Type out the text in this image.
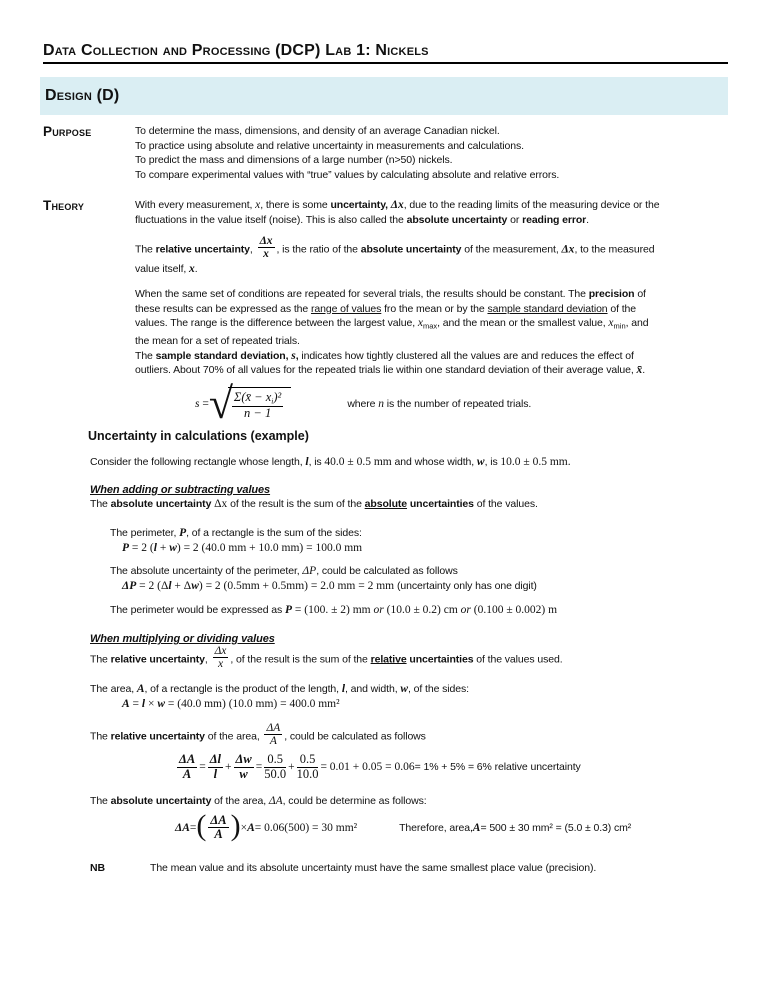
Data Collection and Processing (DCP) Lab 1: Nickels
Design (D)
Purpose	To determine the mass, dimensions, and density of an average Canadian nickel.
To practice using absolute and relative uncertainty in measurements and calculations.
To predict the mass and dimensions of a large number (n>50) nickels.
To compare experimental values with “true” values by calculating absolute and relative errors.
Theory	With every measurement, x, there is some uncertainty, Δx, due to the reading limits of the measuring device or the
fluctuations in the value itself (noise). This is also called the absolute uncertainty or reading error.
The relative uncertainty, $\frac{\Delta x}{x}$ , is the ratio of the absolute uncertainty of the measurement, Δx, to the measured
value itself, x.
When the same set of conditions are repeated for several trials, the results should be constant. The precision of
these results can be expressed as the range of values fro the mean or by the sample standard deviation of the
values. The range is the difference between the largest value, $x_{max}$, and the mean or the smallest value, $x_{min}$, and
the mean for a set of repeated trials.
The sample standard deviation, s, indicates how tightly clustered all the values are and reduces the effect of
outliers. About 70% of all values for the repeated trials lie within one standard deviation of their average value, x̄.
s = √ $\frac{\Sigma(x̄ - x_i)^2}{n - 1}$	where n is the number of repeated trials.
Uncertainty in calculations (example)
Consider the following rectangle whose length, l, is 40.0 ± 0.5 mm and whose width, w, is 10.0 ± 0.5 mm.
When adding or subtracting values
The absolute uncertainty Δx of the result is the sum of the absolute uncertainties of the values.
The perimeter, P, of a rectangle is the sum of the sides:
P = 2 (l + w) = 2 (40.0 mm + 10.0 mm) = 100.0 mm
The absolute uncertainty of the perimeter, ΔP, could be calculated as follows
ΔP = 2 (Δl + Δw) = 2 (0.5mm + 0.5mm) = 2.0 mm = 2 mm (uncertainty only has one digit)
The perimeter would be expressed as P = (100. ± 2) mm or (10.0 ± 0.2) cm or (0.100 ± 0.002) m
When multiplying or dividing values
The relative uncertainty, $\frac{\Delta x}{x}$ , of the result is the sum of the relative uncertainties of the values used.
The area, A, of a rectangle is the product of the length, l, and width, w, of the sides:
A = l × w = (40.0 mm) (10.0 mm) = 400.0 mm²
The relative uncertainty of the area, $\frac{\Delta A}{A}$ , could be calculated as follows
$\frac{\Delta A}{A} = \frac{\Delta l}{l} + \frac{\Delta w}{w} = \frac{0.5}{50.0} + \frac{0.5}{10.0} = 0.01 + 0.05 = 0.06 = 1\% + 5\% = 6\%$ relative uncertainty
The absolute uncertainty of the area, ΔA, could be determine as follows:
ΔA = ( $\frac{\Delta A}{A}$ ) × A = 0.06(500) = 30 mm²	Therefore, area, A = 500 ± 30 mm² = (5.0 ± 0.3) cm²
NB	The mean value and its absolute uncertainty must have the same smallest place value (precision).
